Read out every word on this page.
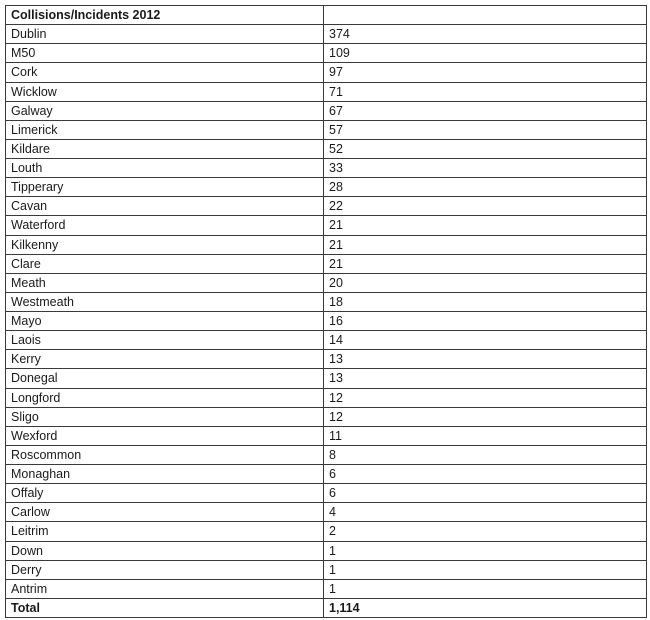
Collisions/Incidents 2012	
Dublin	374
M50	109
Cork	97
Wicklow	71
Galway	67
Limerick	57
Kildare	52
Louth	33
Tipperary	28
Cavan	22
Waterford	21
Kilkenny	21
Clare	21
Meath	20
Westmeath	18
Mayo	16
Laois	14
Kerry	13
Donegal	13
Longford	12
Sligo	12
Wexford	11
Roscommon	8
Monaghan	6
Offaly	6
Carlow	4
Leitrim	2
Down	1
Derry	1
Antrim	1
Total	1,114
